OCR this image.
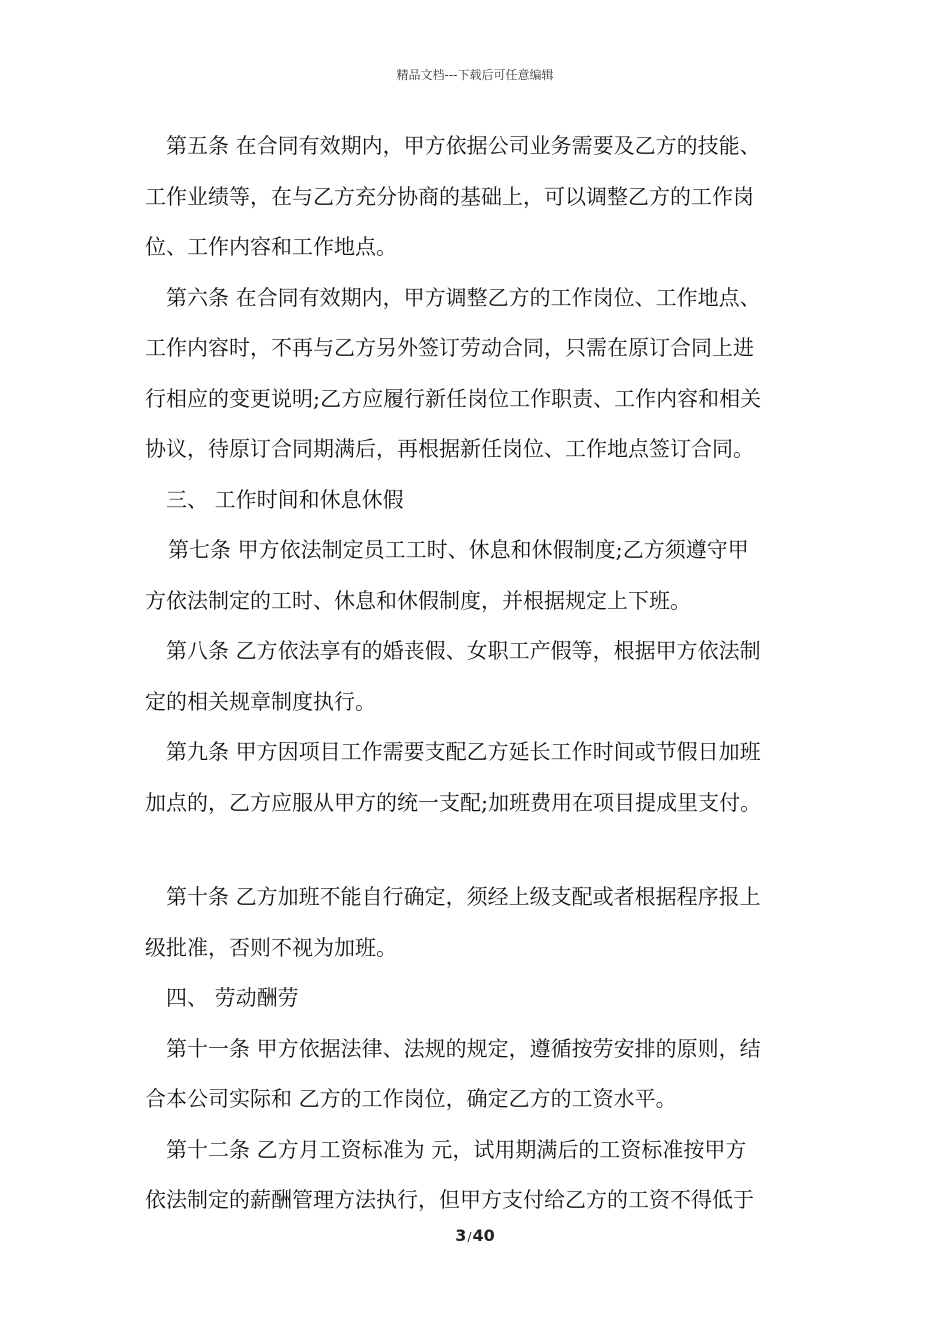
精品文档---下载后可任意编辑
第五条 在合同有效期内，甲方依据公司业务需要及乙方的技能、
工作业绩等，在与乙方充分协商的基础上，可以调整乙方的工作岗
位、工作内容和工作地点。
第六条 在合同有效期内，甲方调整乙方的工作岗位、工作地点、
工作内容时，不再与乙方另外签订劳动合同，只需在原订合同上进
行相应的变更说明;乙方应履行新任岗位工作职责、工作内容和相关
协议，待原订合同期满后，再根据新任岗位、工作地点签订合同。
三、 工作时间和休息休假
第七条 甲方依法制定员工工时、休息和休假制度;乙方须遵守甲
方依法制定的工时、休息和休假制度，并根据规定上下班。
第八条 乙方依法享有的婚丧假、女职工产假等，根据甲方依法制
定的相关规章制度执行。
第九条 甲方因项目工作需要支配乙方延长工作时间或节假日加班
加点的，乙方应服从甲方的统一支配;加班费用在项目提成里支付。
第十条 乙方加班不能自行确定，须经上级支配或者根据程序报上
级批准，否则不视为加班。
四、 劳动酬劳
第十一条 甲方依据法律、法规的规定，遵循按劳安排的原则，结
合本公司实际和 乙方的工作岗位，确定乙方的工资水平。
第十二条 乙方月工资标准为 元，试用期满后的工资标准按甲方
依法制定的薪酬管理方法执行，但甲方支付给乙方的工资不得低于
3/40
